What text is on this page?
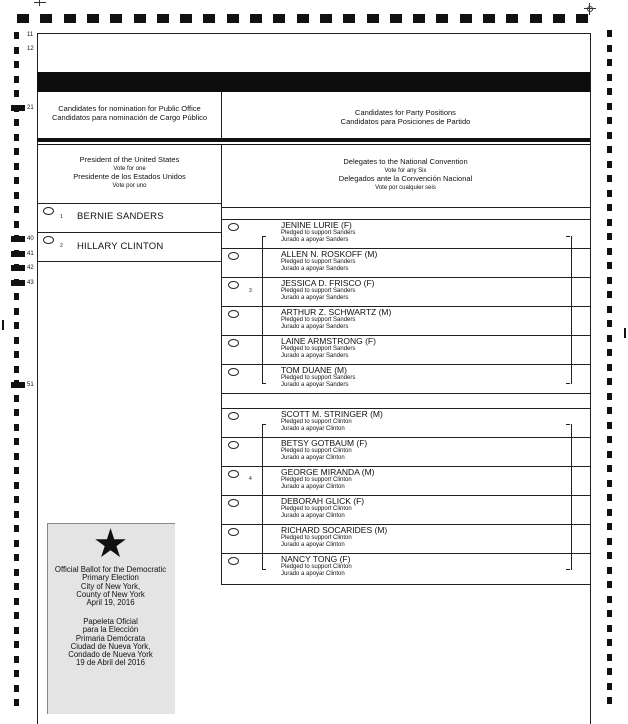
11
12
21
40
41
42
43
51
Candidates for nomination for Public Office
Candidatos para nominación de Cargo Público
Candidates for Party Positions
Candidatos para Posiciones de Partido
President of the United States
Vote for one
Presidente de los Estados Unidos
Vote por uno
Delegates to the National Convention
Vote for any Six
Delegados ante la Convención Nacional
Vote por cualquier seis
1 BERNIE SANDERS
2 HILLARY CLINTON
3
JENINE LURIE (F)
Pledged to support Sanders
Jurado a apoyar Sanders
ALLEN N. ROSKOFF (M)
Pledged to support Sanders
Jurado a apoyar Sanders
JESSICA D. FRISCO (F)
Pledged to support Sanders
Jurado a apoyar Sanders
ARTHUR Z. SCHWARTZ (M)
Pledged to support Sanders
Jurado a apoyar Sanders
LAINE ARMSTRONG (F)
Pledged to support Sanders
Jurado a apoyar Sanders
TOM DUANE (M)
Pledged to support Sanders
Jurado a apoyar Sanders
4
SCOTT M. STRINGER (M)
Pledged to support Clinton
Jurado a apoyar Clinton
BETSY GOTBAUM (F)
Pledged to support Clinton
Jurado a apoyar Clinton
GEORGE MIRANDA (M)
Pledged to support Clinton
Jurado a apoyar Clinton
DEBORAH GLICK (F)
Pledged to support Clinton
Jurado a apoyar Clinton
RICHARD SOCARIDES (M)
Pledged to support Clinton
Jurado a apoyar Clinton
NANCY TONG (F)
Pledged to support Clinton
Jurado a apoyar Clinton
★
Official Ballot for the Democratic
Primary Election
City of New York,
County of New York
April 19, 2016
Papeleta Oficial
para la Elección
Primaria Demócrata
Ciudad de Nueva York,
Condado de Nueva York
19 de Abril del 2016
